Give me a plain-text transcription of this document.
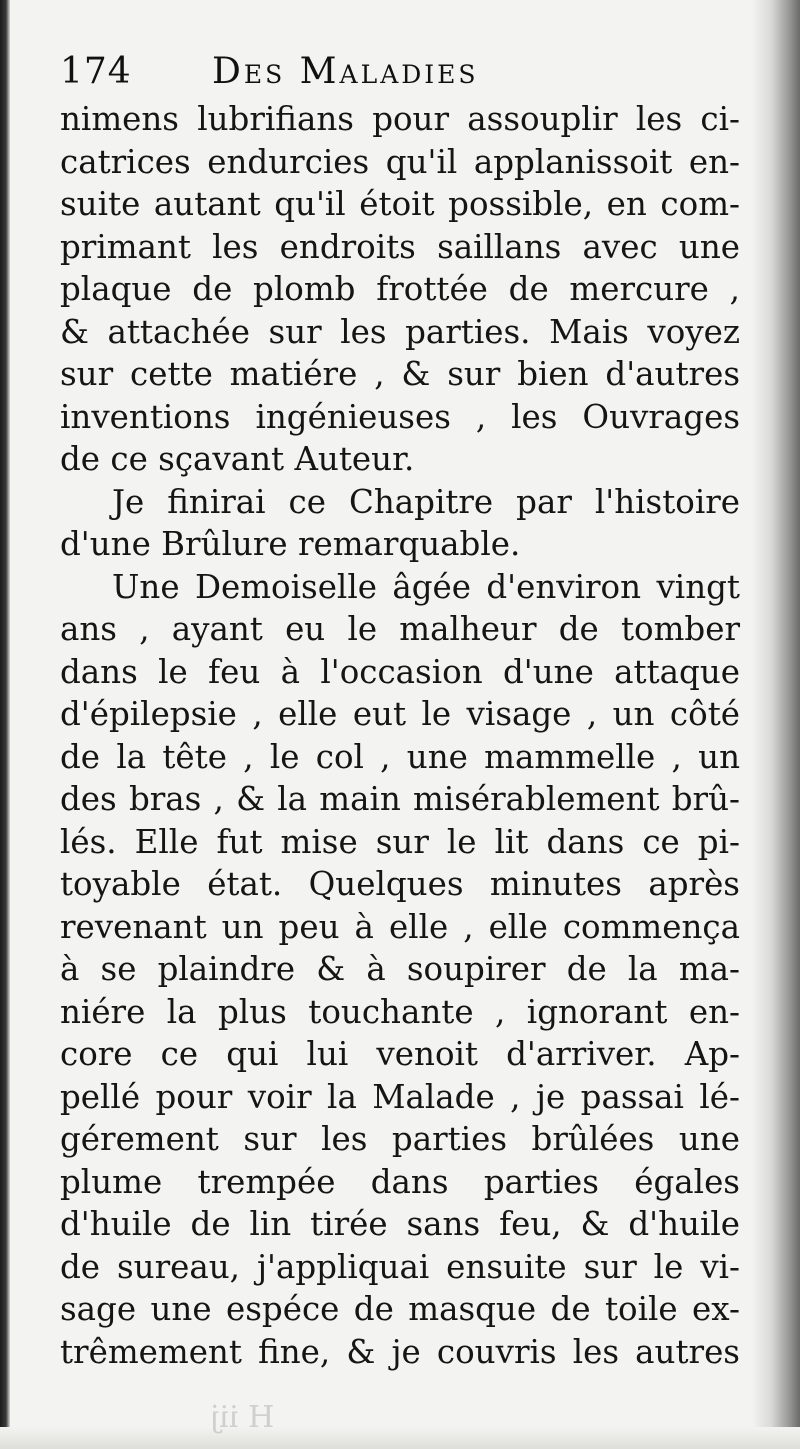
174 Des Maladies
nimens lubrifians pour assouplir les ci-
catrices endurcies qu'il applanissoit en-
suite autant qu'il étoit possible, en com-
primant les endroits saillans avec une
plaque de plomb frottée de mercure ,
& attachée sur les parties. Mais voyez
sur cette matiére , & sur bien d'autres
inventions ingénieuses , les Ouvrages
de ce sçavant Auteur.
Je finirai ce Chapitre par l'histoire
d'une Brûlure remarquable.
Une Demoiselle âgée d'environ vingt
ans , ayant eu le malheur de tomber
dans le feu à l'occasion d'une attaque
d'épilepsie , elle eut le visage , un côté
de la tête , le col , une mammelle , un
des bras , & la main misérablement brû-
lés. Elle fut mise sur le lit dans ce pi-
toyable état. Quelques minutes après
revenant un peu à elle , elle commença
à se plaindre & à soupirer de la ma-
niére la plus touchante , ignorant en-
core ce qui lui venoit d'arriver. Ap-
pellé pour voir la Malade , je passai lé-
gérement sur les parties brûlées une
plume trempée dans parties égales
d'huile de lin tirée sans feu, & d'huile
de sureau, j'appliquai ensuite sur le vi-
sage une espéce de masque de toile ex-
trêmement fine, & je couvris les autres
H iij
